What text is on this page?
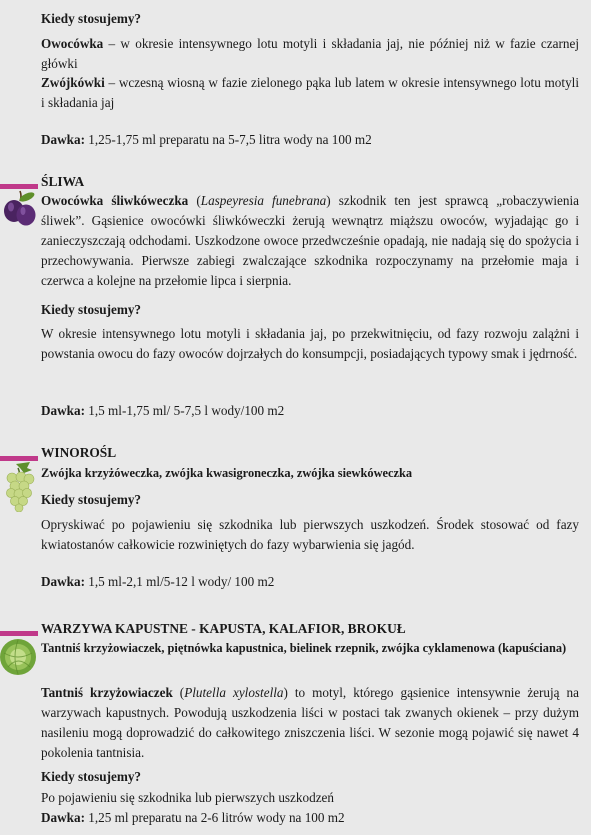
Kiedy stosujemy?
Owocówka – w okresie intensywnego lotu motyli i składania jaj, nie później niż w fazie czarnej główki
Zwójkówki – wczesną wiosną w fazie zielonego pąka lub latem w okresie intensywnego lotu motyli i składania jaj
Dawka: 1,25-1,75 ml preparatu na 5-7,5 litra wody na 100 m2
ŚLIWA
Owocówka śliwkóweczka (Laspeyresia funebrana) szkodnik ten jest sprawcą „robaczywienia śliwek”. Gąsienice owocówki śliwkóweczki żerują wewnątrz miąższu owoców, wyjadając go i zanieczyszczają odchodami. Uszkodzone owoce przedwcześnie opadają, nie nadają się do spożycia i przechowywania. Pierwsze zabiegi zwalczające szkodnika rozpoczynamy na przełomie maja i czerwca a kolejne na przełomie lipca i sierpnia.
Kiedy stosujemy?
W okresie intensywnego lotu motyli i składania jaj, po przekwitnięciu, od fazy rozwoju zalążni i powstania owocu do fazy owoców dojrzałych do konsumpcji, posiadających typowy smak i jędrność.
Dawka: 1,5 ml-1,75 ml/ 5-7,5 l wody/100 m2
WINOROŚL
Zwójka krzyżóweczka, zwójka kwasigroneczka, zwójka siewkóweczka
Kiedy stosujemy?
Opryskiwać po pojawieniu się szkodnika lub pierwszych uszkodzeń. Środek stosować od fazy kwiatostanów całkowicie rozwiniętych do fazy wybarwienia się jagód.
Dawka: 1,5 ml-2,1 ml/5-12 l wody/ 100 m2
WARZYWA KAPUSTNE - KAPUSTA, KALAFIOR, BROKUŁ
Tantniś krzyżowiaczek, piętnówka kapustnica, bielinek rzepnik, zwójka cyklamenowa (kapuściana)
Tantniś krzyżowiaczek (Plutella xylostella) to motyl, którego gąsienice intensywnie żerują na warzywach kapustnych. Powodują uszkodzenia liści w postaci tak zwanych okienek – przy dużym nasileniu mogą doprowadzić do całkowitego zniszczenia liści. W sezonie mogą pojawić się nawet 4 pokolenia tantnisia.
Kiedy stosujemy?
Po pojawieniu się szkodnika lub pierwszych uszkodzeń
Dawka: 1,25 ml preparatu na 2-6 litrów wody na 100 m2
